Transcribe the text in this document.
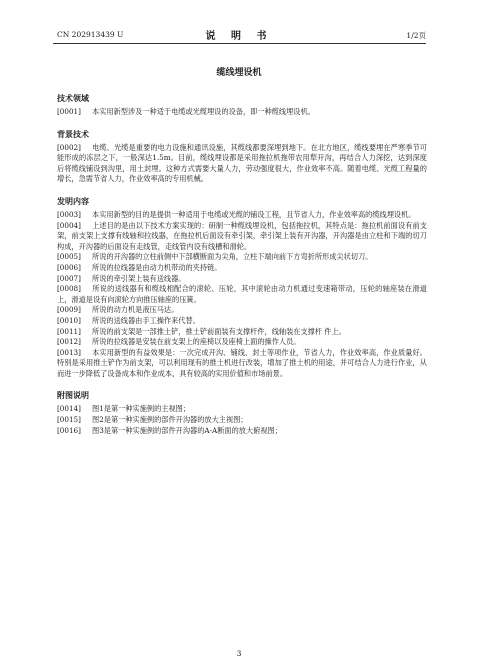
CN 202913439 U	说 明 书	1/2页
缆线埋设机

技术领域

[0001] 本实用新型涉及一种适于电缆或光缆埋设的设备，即一种缆线埋设机。

背景技术

[0002] 电缆、光缆是重要的电力设施和通讯设施，其缆线都要深埋到地下。在北方地区，缆线要埋在严寒季节可能形成的冻层之下，一般深达1.5m。目前，缆线埋设都是采用拖拉机拖带农用犁开沟，再结合人力深挖，达到深度后将缆线铺设到沟里，用土封埋。这种方式需要大量人力，劳动强度很大，作业效率不高。随着电缆、光缆工程量的增长，急需节省人力，作业效率高的专用机械。

发明内容

[0003] 本实用新型的目的是提供一种适用于电缆或光缆的铺设工程，且节省人力，作业效率高的缆线埋设机。

[0004] 上述目的是由以下技术方案实现的：研制一种缆线埋设机，包括拖拉机，其特点是：拖拉机前面设有前支架，前支架上支撑有线轴和拉线器，在拖拉机后面设有牵引架，牵引架上装有开沟器，开沟器是由立柱和下端的切刀构成，开沟器的后面设有走线管，走线管内设有线槽和滑轮。

[0005] 所说的开沟器的立柱前侧中下部横断面为尖角，立柱下端向前下方弯折所形成尖状切刀。

[0006] 所说的拉线器是由动力机带动的夹持链。

[0007] 所说的牵引架上装有送线器。

[0008] 所说的送线器有和缆线相配合的滚轮、压轮，其中滚轮由动力机通过变速箱带动，压轮的轴座装在滑道上，滑道是设有向滚轮方向推压轴座的压簧。

[0009] 所说的动力机是液压马达。

[0010] 所说的送线器由手工操作来代替。

[0011] 所说的前支架是一部推土铲，推土铲前面装有支撑杆件，线轴装在支撑杆 件上。

[0012] 所说的拉线器是安装在前支架上的座椅以及座椅上面的操作人员。

[0013] 本实用新型的有益效果是：一次完成开沟、铺线、封土等项作业，节省人力，作业效率高，作业质量好。特别是采用推土铲作为前支架，可以利用现有的推土机进行改装，增加了推土机的用途，并可结合人力进行作业，从而进一步降低了设备成本和作业成本，具有较高的实用价值和市场前景。

附图说明

[0014] 图1是第一种实施例的主视图；

[0015] 图2是第一种实施例的部件开沟器的放大主视图；

[0016] 图3是第一种实施例的部件开沟器的A-A断面的放大俯视图；

3
